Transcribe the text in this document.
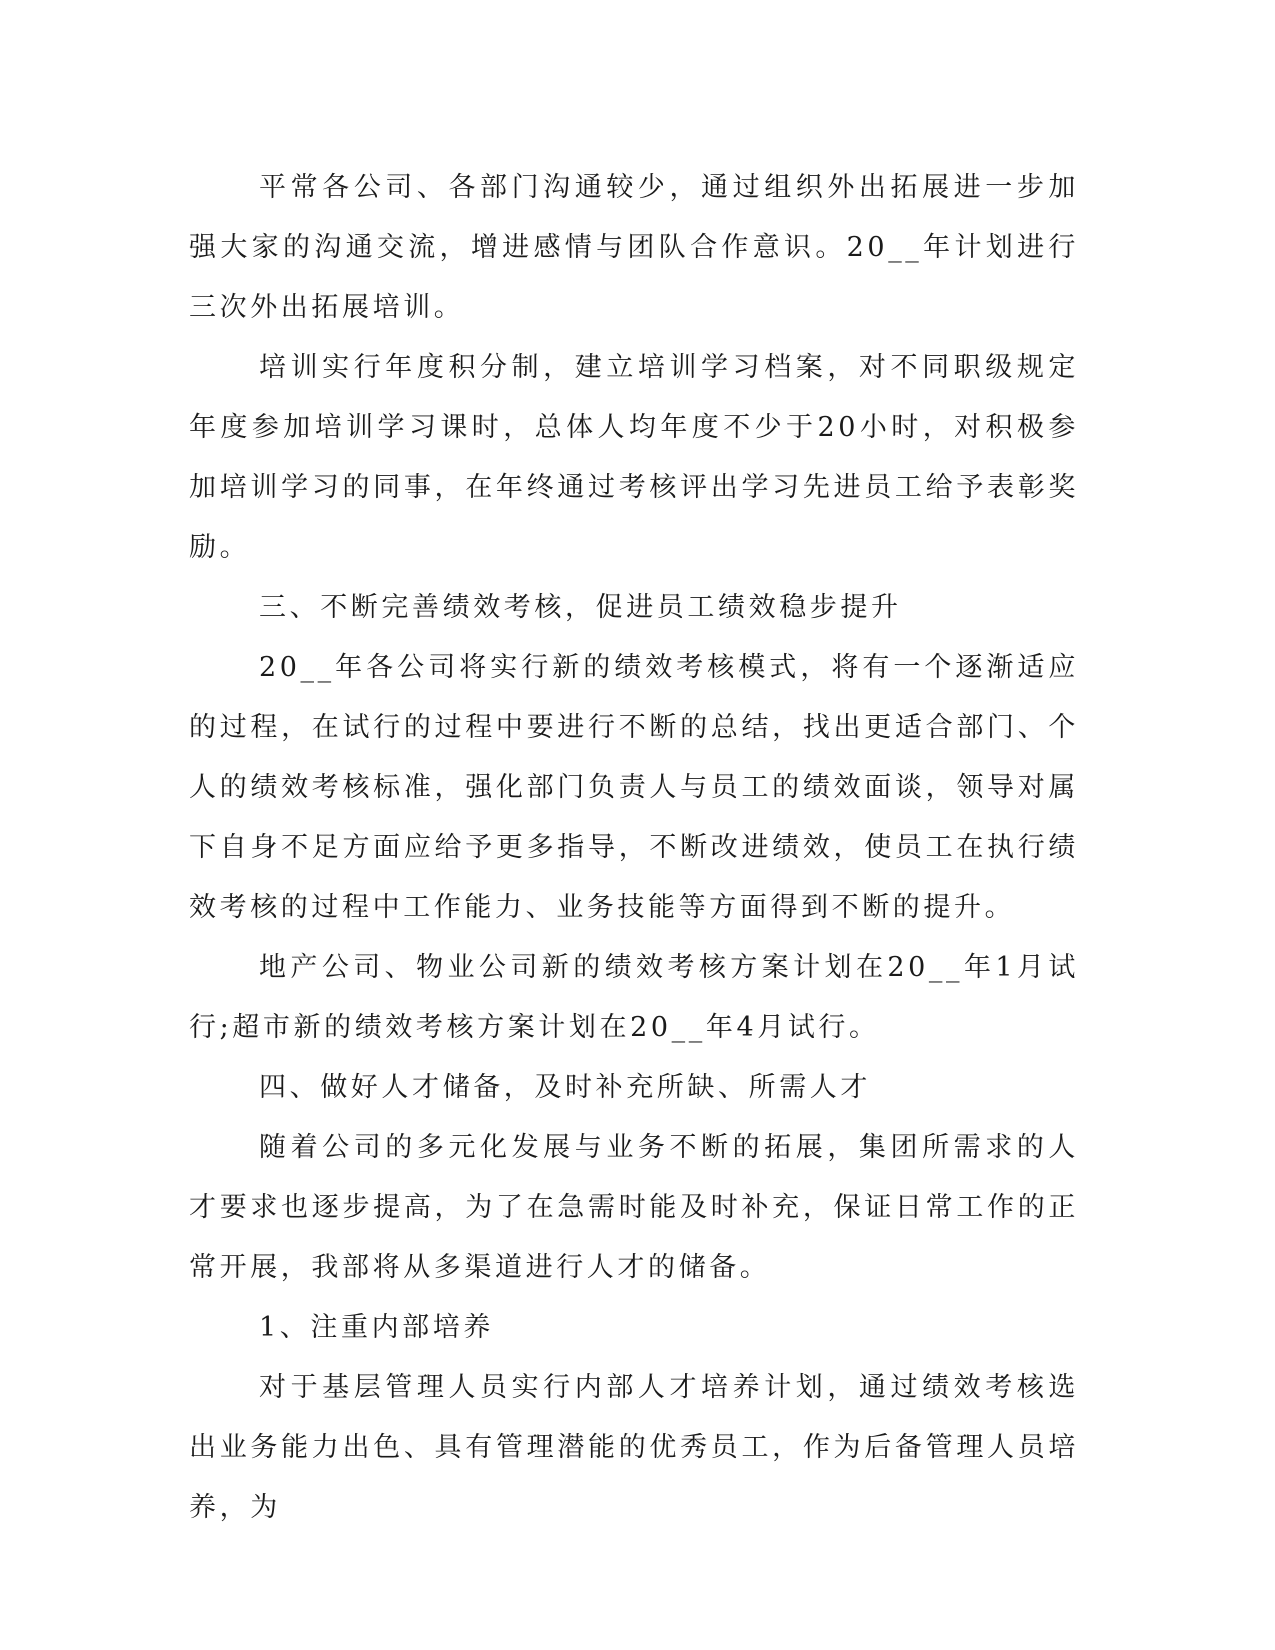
平常各公司、各部门沟通较少，通过组织外出拓展进一步加强大家的沟通交流，增进感情与团队合作意识。20__年计划进行三次外出拓展培训。

培训实行年度积分制，建立培训学习档案，对不同职级规定年度参加培训学习课时，总体人均年度不少于20小时，对积极参加培训学习的同事，在年终通过考核评出学习先进员工给予表彰奖励。

三、不断完善绩效考核，促进员工绩效稳步提升

20__年各公司将实行新的绩效考核模式，将有一个逐渐适应的过程，在试行的过程中要进行不断的总结，找出更适合部门、个人的绩效考核标准，强化部门负责人与员工的绩效面谈，领导对属下自身不足方面应给予更多指导，不断改进绩效，使员工在执行绩效考核的过程中工作能力、业务技能等方面得到不断的提升。

地产公司、物业公司新的绩效考核方案计划在20__年1月试行;超市新的绩效考核方案计划在20__年4月试行。

四、做好人才储备，及时补充所缺、所需人才

随着公司的多元化发展与业务不断的拓展，集团所需求的人才要求也逐步提高，为了在急需时能及时补充，保证日常工作的正常开展，我部将从多渠道进行人才的储备。

1、注重内部培养

对于基层管理人员实行内部人才培养计划，通过绩效考核选出业务能力出色、具有管理潜能的优秀员工，作为后备管理人员培养，为
